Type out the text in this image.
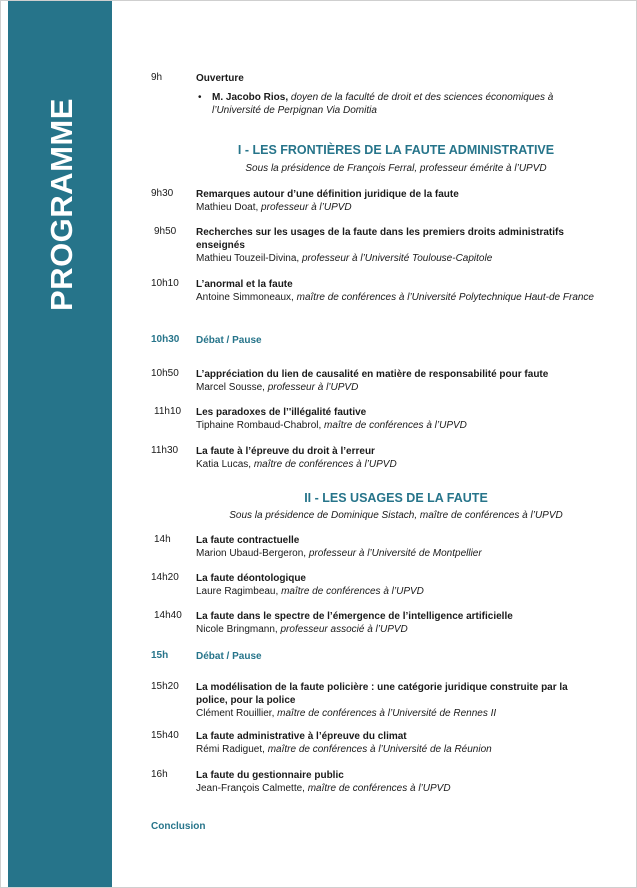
PROGRAMME
9h	Ouverture
• M. Jacobo Rios, doyen de la faculté de droit et des sciences économiques à
l’Université de Perpignan Via Domitia
I - LES FRONTIÈRES DE LA FAUTE ADMINISTRATIVE
Sous la présidence de François Ferral, professeur émérite à l’UPVD
9h30 Remarques autour d’une définition juridique de la faute
Mathieu Doat, professeur à l’UPVD
9h50 Recherches sur les usages de la faute dans les premiers droits administratifs enseignés
Mathieu Touzeil-Divina, professeur à l’Université Toulouse-Capitole
10h10 L’anormal et la faute
Antoine Simmoneaux, maître de conférences à l’Université Polytechnique Haut-de France
10h30 Débat / Pause
10h50 L’appréciation du lien de causalité en matière de responsabilité pour faute
Marcel Sousse, professeur à l’UPVD
11h10 Les paradoxes de l’'illégalité fautive
Tiphaine Rombaud-Chabrol, maître de conférences à l’UPVD
11h30 La faute à l’épreuve du droit à l’erreur
Katia Lucas, maître de conférences à l’UPVD
II - LES USAGES DE LA FAUTE
Sous la présidence de Dominique Sistach, maître de conférences à l’UPVD
14h	La faute contractuelle
Marion Ubaud-Bergeron, professeur à l’Université de Montpellier
14h20 La faute déontologique
Laure Ragimbeau, maître de conférences à l’UPVD
14h40 La faute dans le spectre de l’émergence de l’intelligence artificielle
Nicole Bringmann, professeur associé à l’UPVD
15h	Débat / Pause
15h20 La modélisation de la faute policière : une catégorie juridique construite par la police, pour la police
Clément Rouillier, maître de conférences à l’Université de Rennes II
15h40 La faute administrative à l’épreuve du climat
Rémi Radiguet, maître de conférences à l’Université de la Réunion
16h	La faute du gestionnaire public
Jean-François Calmette, maître de conférences à l’UPVD
Conclusion
